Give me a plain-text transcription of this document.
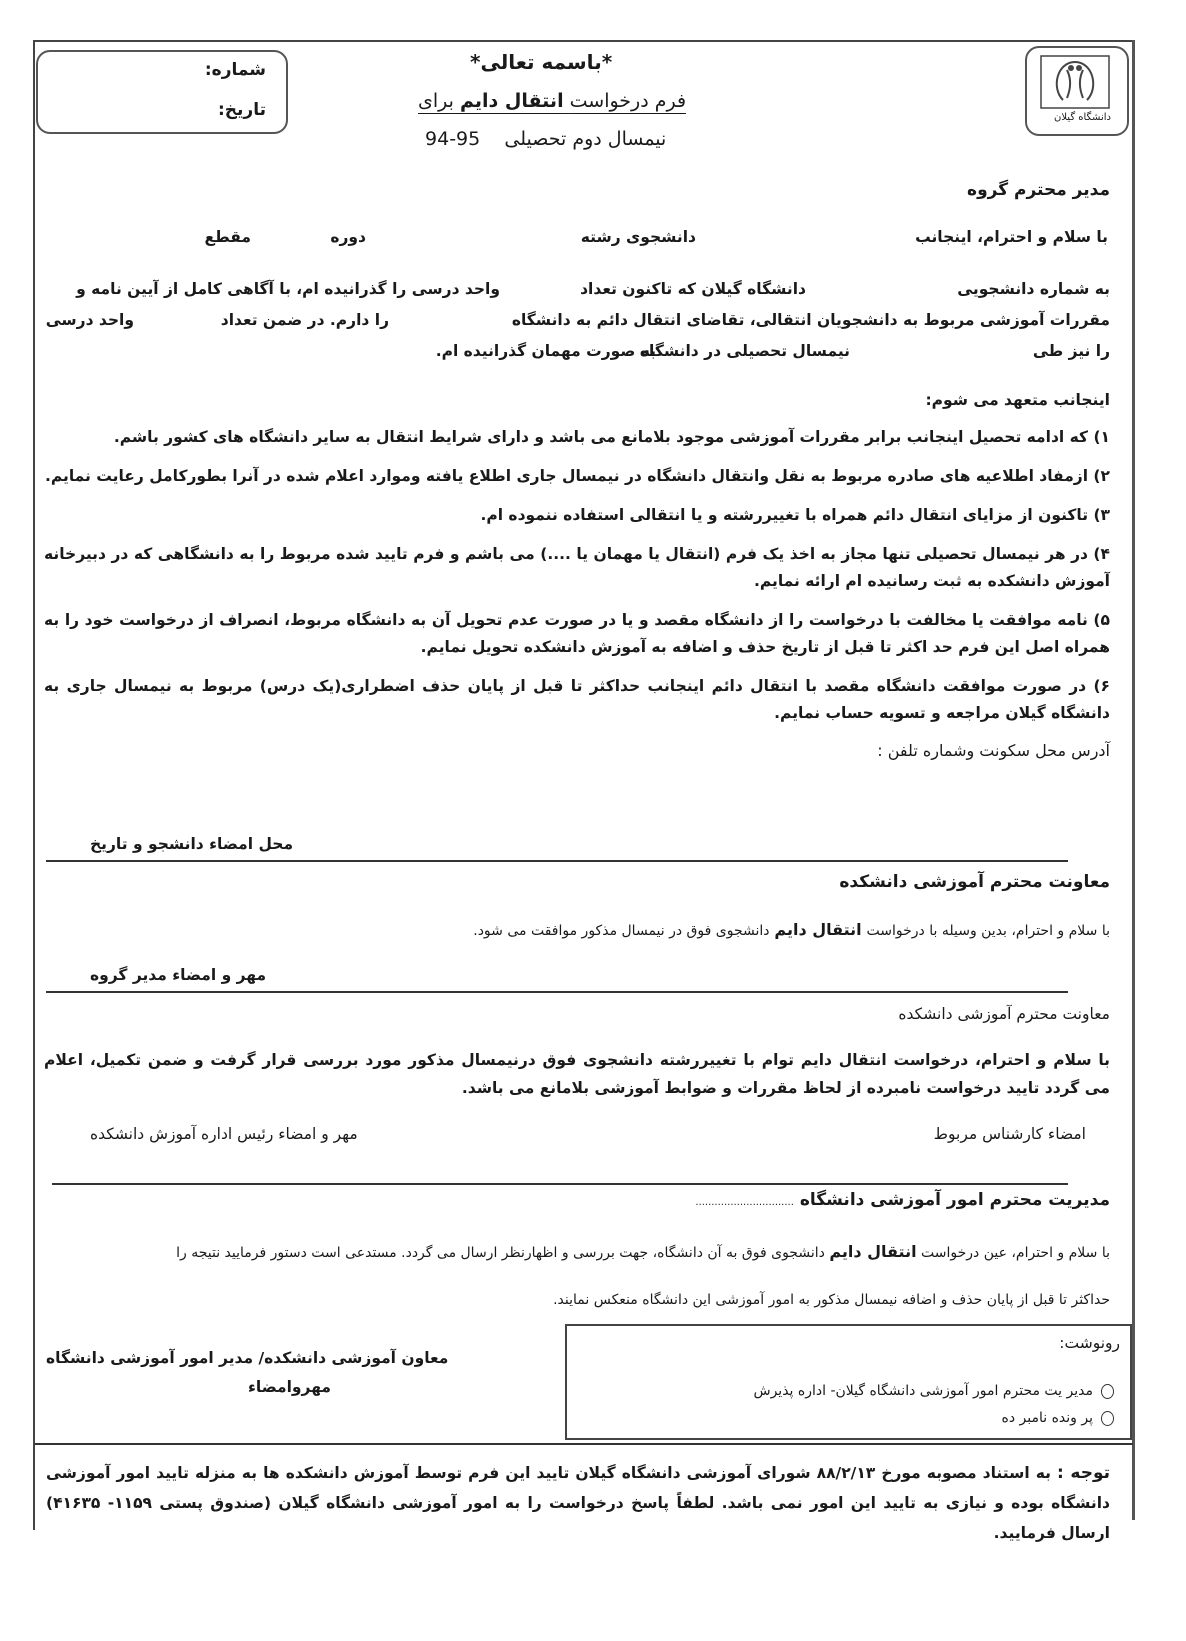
دانشگاه گیلان
شماره:
تاریخ:
*باسمه تعالی*
فرم درخواست انتقال دایم برای
نیمسال دوم تحصیلی    95-94
مدیر محترم گروه
با سلام و احترام، اینجانب
دانشجوی رشته
دوره
مقطع
به شماره دانشجویی
دانشگاه گیلان که تاکنون تعداد
واحد درسی را گذرانیده ام، با آگاهی کامل از آیین نامه و
مقررات آموزشی مربوط به دانشجویان انتقالی، تقاضای انتقال دائم به دانشگاه
را دارم. در ضمن تعداد
واحد درسی
را نیز طی
نیمسال تحصیلی در دانشگاه
به صورت مهمان گذرانیده ام.
اینجانب متعهد می شوم:
۱) که ادامه تحصیل اینجانب برابر مقررات آموزشی موجود بلامانع می باشد و دارای شرایط انتقال به سایر دانشگاه های کشور باشم.
۲) ازمفاد اطلاعیه های صادره مربوط به نقل وانتقال دانشگاه در نیمسال جاری اطلاع یافته وموارد اعلام شده در آنرا بطورکامل رعایت نمایم.
۳) تاکنون از مزایای انتقال دائم همراه با تغییررشته و یا انتقالی استفاده ننموده ام.
۴) در هر نیمسال تحصیلی تنها مجاز به اخذ یک فرم (انتقال یا مهمان یا ....) می باشم و فرم تایید شده مربوط را به دانشگاهی که در دبیرخانه آموزش دانشکده به ثبت رسانیده ام ارائه نمایم.
۵) نامه موافقت یا مخالفت با درخواست را از دانشگاه مقصد و یا در صورت عدم تحویل آن به دانشگاه مربوط، انصراف از درخواست خود را به همراه اصل این فرم حد اکثر تا قبل از تاریخ حذف و اضافه به آموزش دانشکده تحویل نمایم.
۶) در صورت موافقت دانشگاه مقصد با انتقال دائم اینجانب حداکثر تا قبل از پایان حذف اضطراری(یک درس) مربوط به نیمسال جاری به دانشگاه گیلان مراجعه و تسویه حساب نمایم.
آدرس محل سکونت وشماره تلفن :
محل امضاء دانشجو و تاریخ
معاونت محترم آموزشی دانشکده
با سلام و احترام، بدین وسیله با درخواست انتقال دایم دانشجوی فوق در نیمسال مذکور موافقت می شود.
مهر و امضاء مدیر گروه
معاونت محترم آموزشی دانشکده
با سلام و احترام، درخواست انتقال دایم توام با تغییررشته دانشجوی فوق درنیمسال مذکور مورد بررسی قرار گرفت و ضمن تکمیل، اعلام می گردد تایید درخواست نامبرده از لحاظ مقررات و ضوابط آموزشی بلامانع می باشد.
امضاء کارشناس مربوط
مهر و امضاء رئیس اداره آموزش دانشکده
مدیریت محترم امور آموزشی دانشگاه ...............................
با سلام و احترام، عین درخواست انتقال دایم دانشجوی فوق به آن دانشگاه، جهت بررسی و اظهارنظر ارسال می گردد. مستدعی است دستور فرمایید نتیجه را
حداکثر تا قبل از پایان حذف و اضافه نیمسال مذکور به امور آموزشی این دانشگاه منعکس نمایند.
رونوشت:
مدیر یت محترم امور آموزشی دانشگاه گیلان- اداره پذیرش
پر ونده نامبر ده
معاون آموزشی دانشکده/ مدیر امور آموزشی دانشگاه
مهروامضاء
توجه : به استناد مصوبه مورخ ۸۸/۲/۱۳ شورای آموزشی دانشگاه گیلان تایید این فرم توسط آموزش دانشکده ها به منزله تایید امور آموزشی دانشگاه بوده و نیازی به تایید این امور نمی باشد. لطفاً پاسخ درخواست را به امور آموزشی دانشگاه گیلان (صندوق پستی ۱۱۵۹- ۴۱۶۳۵) ارسال فرمایید.
